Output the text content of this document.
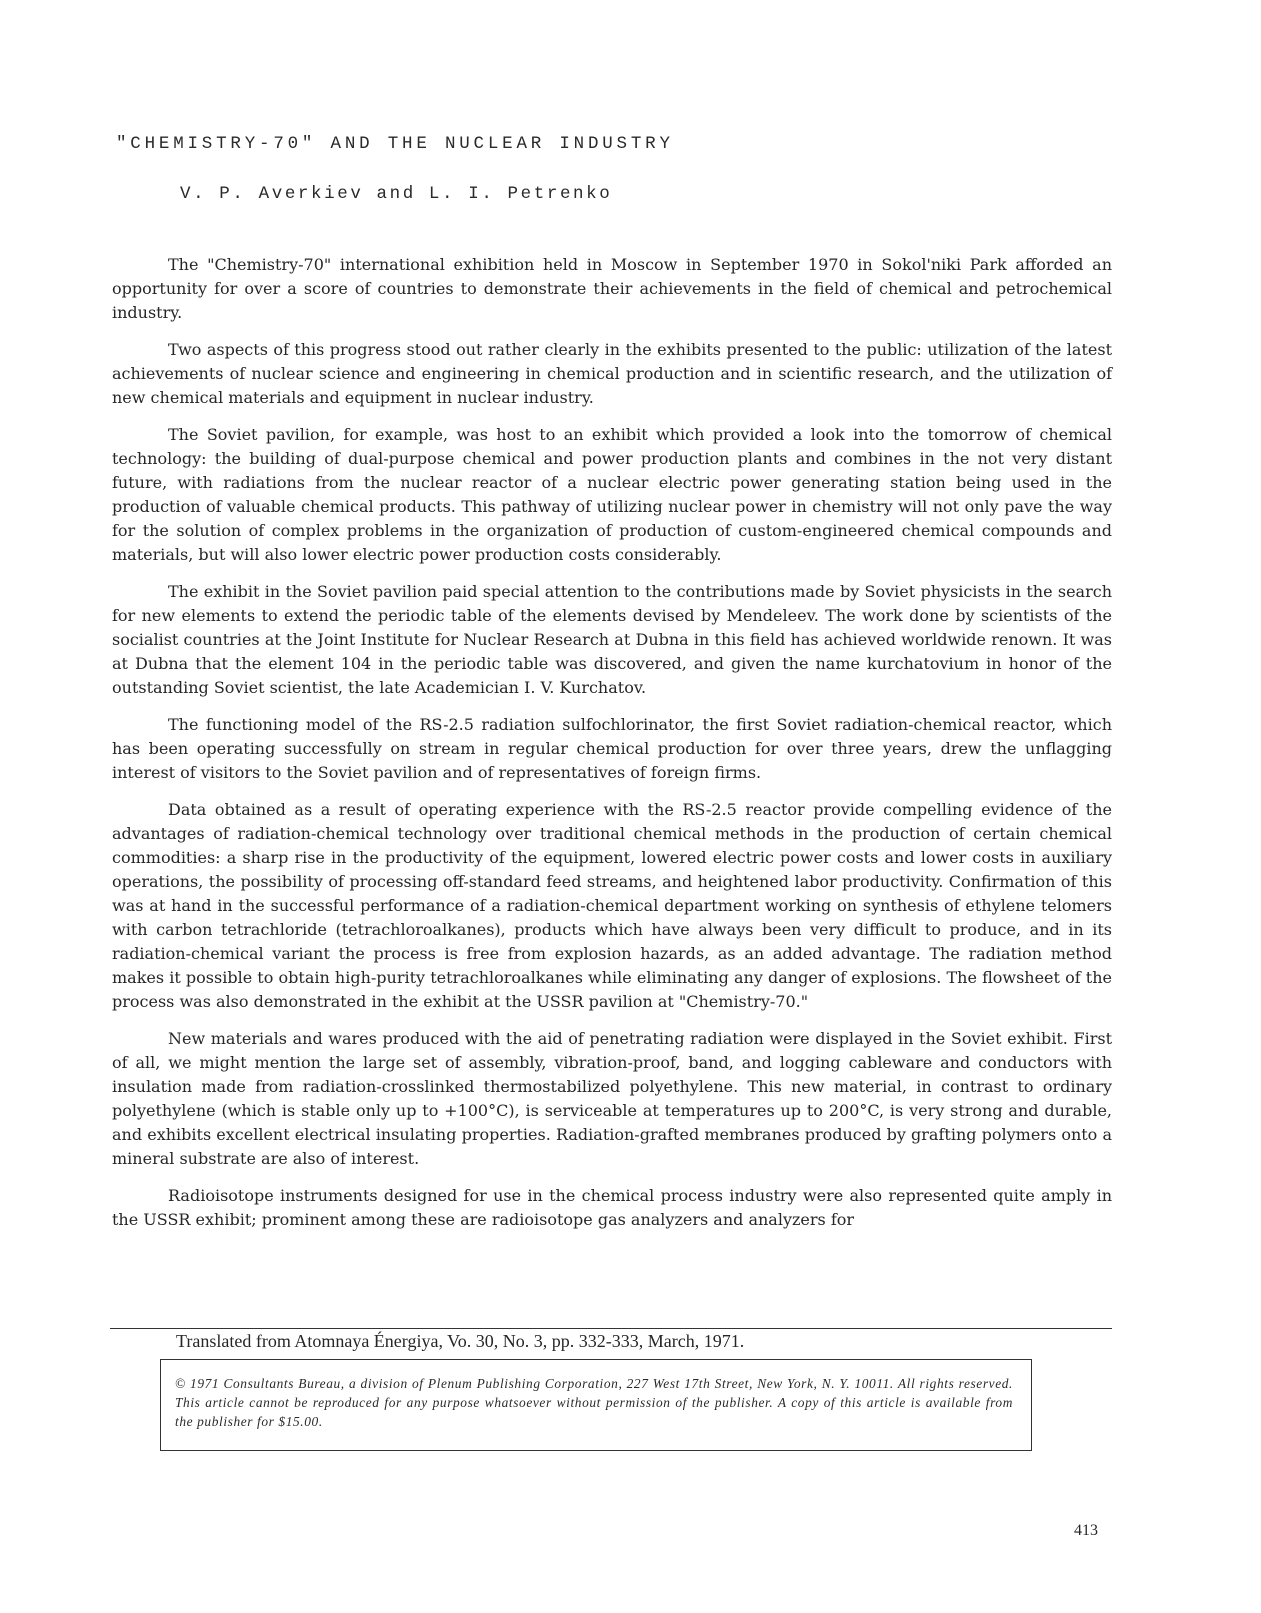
"CHEMISTRY-70" AND THE NUCLEAR INDUSTRY
V. P. Averkiev and L. I. Petrenko

The "Chemistry-70" international exhibition held in Moscow in September 1970 in Sokol'niki Park afforded an opportunity for over a score of countries to demonstrate their achievements in the field of chemical and petrochemical industry.

Two aspects of this progress stood out rather clearly in the exhibits presented to the public: utilization of the latest achievements of nuclear science and engineering in chemical production and in scientific research, and the utilization of new chemical materials and equipment in nuclear industry.

The Soviet pavilion, for example, was host to an exhibit which provided a look into the tomorrow of chemical technology: the building of dual-purpose chemical and power production plants and combines in the not very distant future, with radiations from the nuclear reactor of a nuclear electric power generating station being used in the production of valuable chemical products. This pathway of utilizing nuclear power in chemistry will not only pave the way for the solution of complex problems in the organization of production of custom-engineered chemical compounds and materials, but will also lower electric power production costs considerably.

The exhibit in the Soviet pavilion paid special attention to the contributions made by Soviet physicists in the search for new elements to extend the periodic table of the elements devised by Mendeleev. The work done by scientists of the socialist countries at the Joint Institute for Nuclear Research at Dubna in this field has achieved worldwide renown. It was at Dubna that the element 104 in the periodic table was discovered, and given the name kurchatovium in honor of the outstanding Soviet scientist, the late Academician I. V. Kurchatov.

The functioning model of the RS-2.5 radiation sulfochlorinator, the first Soviet radiation-chemical reactor, which has been operating successfully on stream in regular chemical production for over three years, drew the unflagging interest of visitors to the Soviet pavilion and of representatives of foreign firms.

Data obtained as a result of operating experience with the RS-2.5 reactor provide compelling evidence of the advantages of radiation-chemical technology over traditional chemical methods in the production of certain chemical commodities: a sharp rise in the productivity of the equipment, lowered electric power costs and lower costs in auxiliary operations, the possibility of processing off-standard feed streams, and heightened labor productivity. Confirmation of this was at hand in the successful performance of a radiation-chemical department working on synthesis of ethylene telomers with carbon tetrachloride (tetrachloroalkanes), products which have always been very difficult to produce, and in its radiation-chemical variant the process is free from explosion hazards, as an added advantage. The radiation method makes it possible to obtain high-purity tetrachloroalkanes while eliminating any danger of explosions. The flowsheet of the process was also demonstrated in the exhibit at the USSR pavilion at "Chemistry-70."

New materials and wares produced with the aid of penetrating radiation were displayed in the Soviet exhibit. First of all, we might mention the large set of assembly, vibration-proof, band, and logging cableware and conductors with insulation made from radiation-crosslinked thermostabilized polyethylene. This new material, in contrast to ordinary polyethylene (which is stable only up to +100°C), is serviceable at temperatures up to 200°C, is very strong and durable, and exhibits excellent electrical insulating properties. Radiation-grafted membranes produced by grafting polymers onto a mineral substrate are also of interest.

Radioisotope instruments designed for use in the chemical process industry were also represented quite amply in the USSR exhibit; prominent among these are radioisotope gas analyzers and analyzers for

Translated from Atomnaya Énergiya, Vo. 30, No. 3, pp. 332-333, March, 1971.
© 1971 Consultants Bureau, a division of Plenum Publishing Corporation, 227 West 17th Street, New York, N. Y. 10011. All rights reserved. This article cannot be reproduced for any purpose whatsoever without permission of the publisher. A copy of this article is available from the publisher for $15.00.
413
